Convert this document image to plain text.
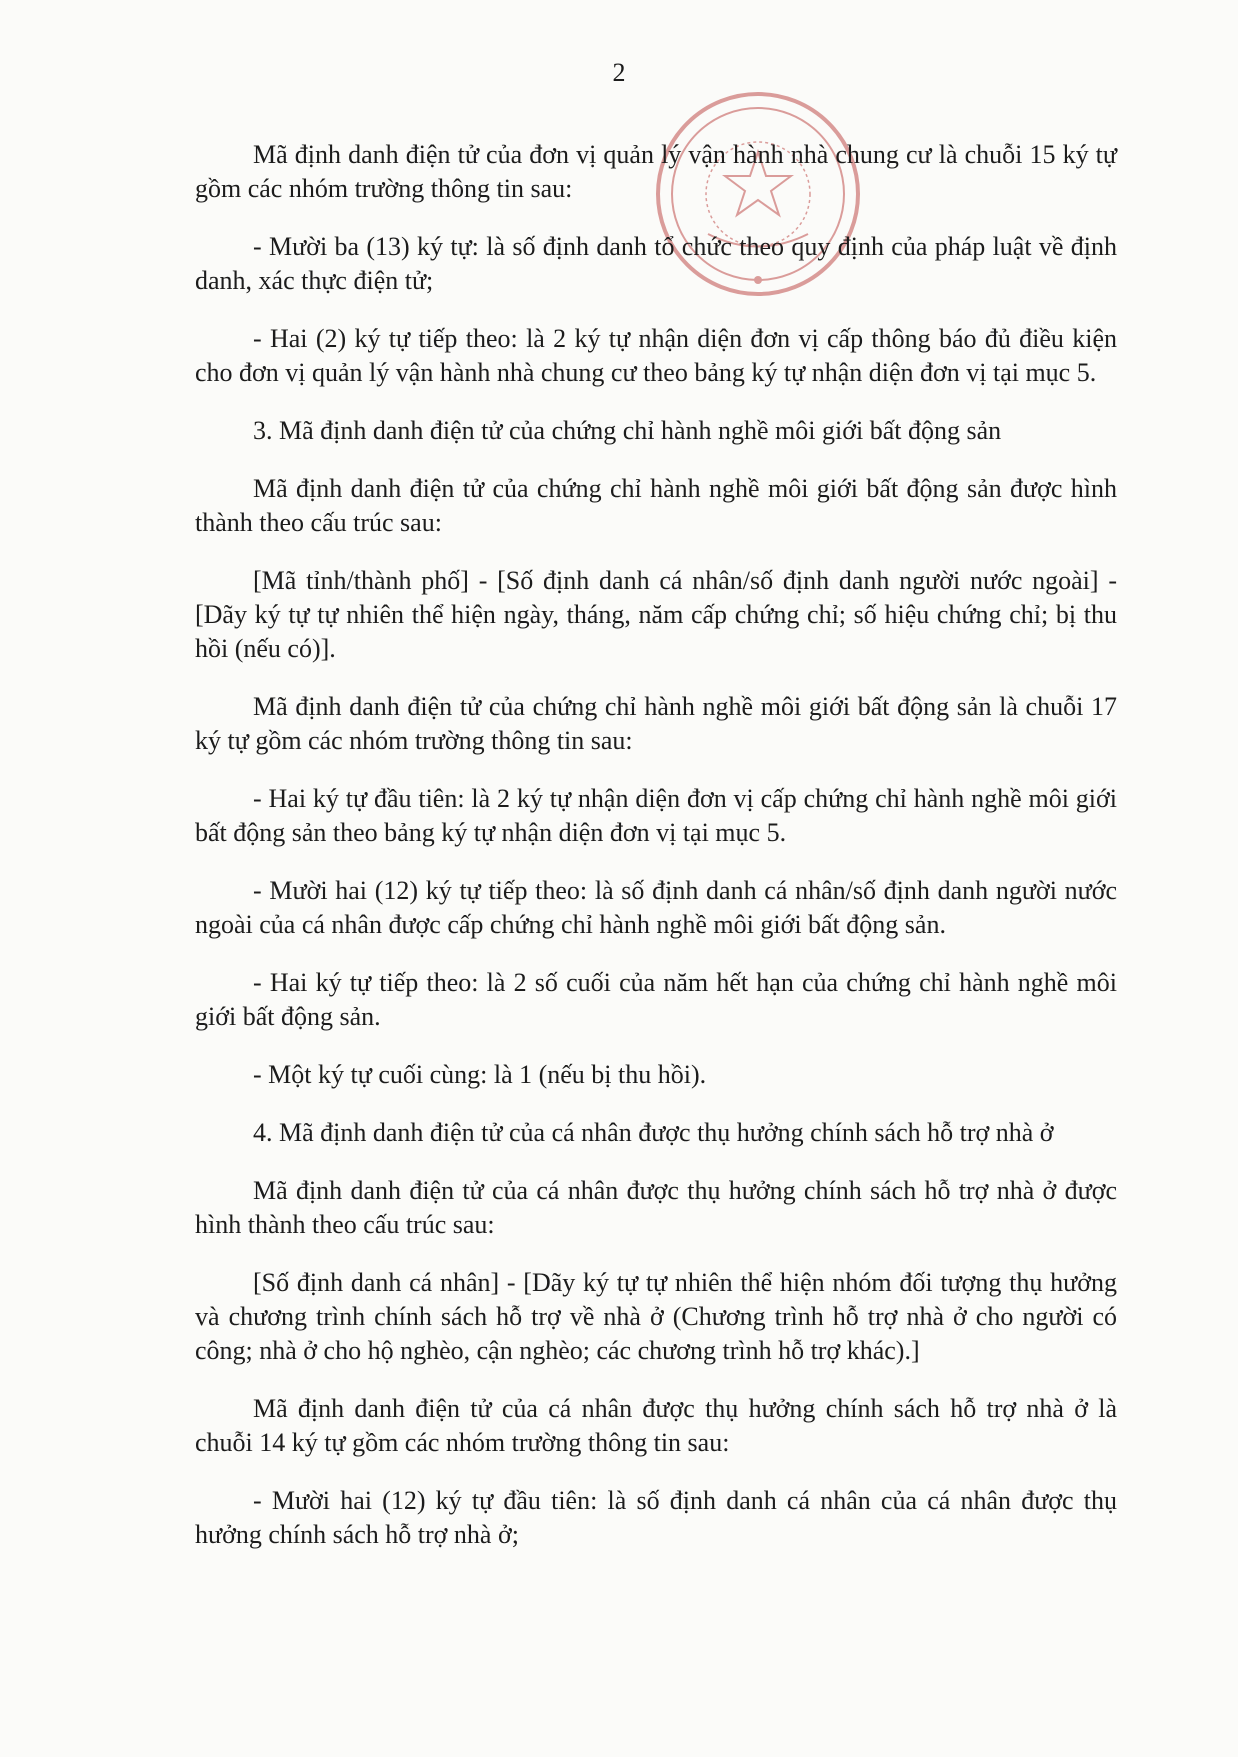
2

Mã định danh điện tử của đơn vị quản lý vận hành nhà chung cư là chuỗi 15 ký tự gồm các nhóm trường thông tin sau:

- Mười ba (13) ký tự: là số định danh tổ chức theo quy định của pháp luật về định danh, xác thực điện tử;

- Hai (2) ký tự tiếp theo: là 2 ký tự nhận diện đơn vị cấp thông báo đủ điều kiện cho đơn vị quản lý vận hành nhà chung cư theo bảng ký tự nhận diện đơn vị tại mục 5.

3. Mã định danh điện tử của chứng chỉ hành nghề môi giới bất động sản

Mã định danh điện tử của chứng chỉ hành nghề môi giới bất động sản được hình thành theo cấu trúc sau:

[Mã tỉnh/thành phố] - [Số định danh cá nhân/số định danh người nước ngoài] - [Dãy ký tự tự nhiên thể hiện ngày, tháng, năm cấp chứng chỉ; số hiệu chứng chỉ; bị thu hồi (nếu có)].

Mã định danh điện tử của chứng chỉ hành nghề môi giới bất động sản là chuỗi 17 ký tự gồm các nhóm trường thông tin sau:

- Hai ký tự đầu tiên: là 2 ký tự nhận diện đơn vị cấp chứng chỉ hành nghề môi giới bất động sản theo bảng ký tự nhận diện đơn vị tại mục 5.

- Mười hai (12) ký tự tiếp theo: là số định danh cá nhân/số định danh người nước ngoài của cá nhân được cấp chứng chỉ hành nghề môi giới bất động sản.

- Hai ký tự tiếp theo: là 2 số cuối của năm hết hạn của chứng chỉ hành nghề môi giới bất động sản.

- Một ký tự cuối cùng: là 1 (nếu bị thu hồi).

4. Mã định danh điện tử của cá nhân được thụ hưởng chính sách hỗ trợ nhà ở

Mã định danh điện tử của cá nhân được thụ hưởng chính sách hỗ trợ nhà ở được hình thành theo cấu trúc sau:

[Số định danh cá nhân] - [Dãy ký tự tự nhiên thể hiện nhóm đối tượng thụ hưởng và chương trình chính sách hỗ trợ về nhà ở (Chương trình hỗ trợ nhà ở cho người có công; nhà ở cho hộ nghèo, cận nghèo; các chương trình hỗ trợ khác).]

Mã định danh điện tử của cá nhân được thụ hưởng chính sách hỗ trợ nhà ở là chuỗi 14 ký tự gồm các nhóm trường thông tin sau:

- Mười hai (12) ký tự đầu tiên: là số định danh cá nhân của cá nhân được thụ hưởng chính sách hỗ trợ nhà ở;
